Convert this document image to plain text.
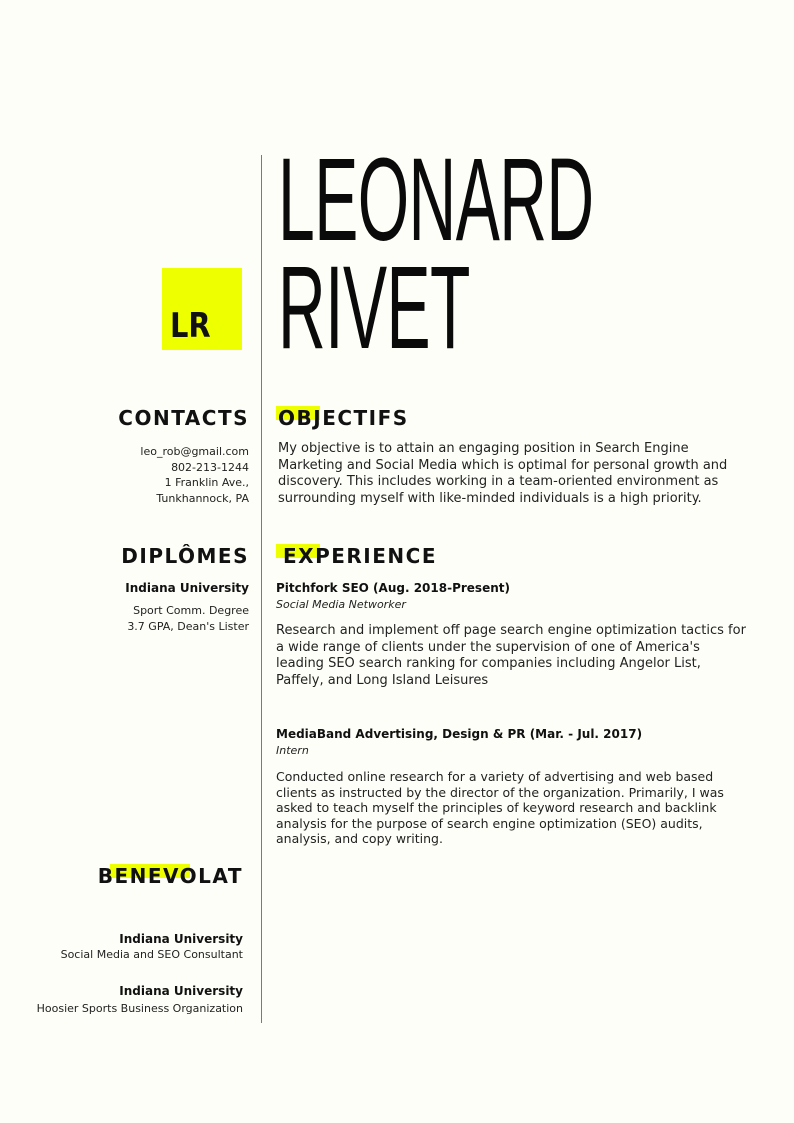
LEONARD
RIVET
LR
CONTACTS
leo_rob@gmail.com
802-213-1244
1 Franklin Ave.,
Tunkhannock, PA
DIPLÔMES
Indiana University
Sport Comm. Degree
3.7 GPA, Dean's Lister
BENEVOLAT
Indiana University
Social Media and SEO Consultant
Indiana University
Hoosier Sports Business Organization
OBJECTIFS
My objective is to attain an engaging position in Search Engine Marketing and Social Media which is optimal for personal growth and discovery. This includes working in a team-oriented environment as surrounding myself with like-minded individuals is a high priority.
EXPERIENCE
Pitchfork SEO (Aug. 2018-Present)
Social Media Networker
Research and implement off page search engine optimization tactics for a wide range of clients under the supervision of one of America's leading SEO search ranking for companies including Angelor List, Paffely, and Long Island Leisures
MediaBand Advertising, Design & PR (Mar. - Jul. 2017)
Intern
Conducted online research for a variety of advertising and web based clients as instructed by the director of the organization. Primarily, I was asked to teach myself the principles of keyword research and backlink analysis for the purpose of search engine optimization (SEO) audits, analysis, and copy writing.
